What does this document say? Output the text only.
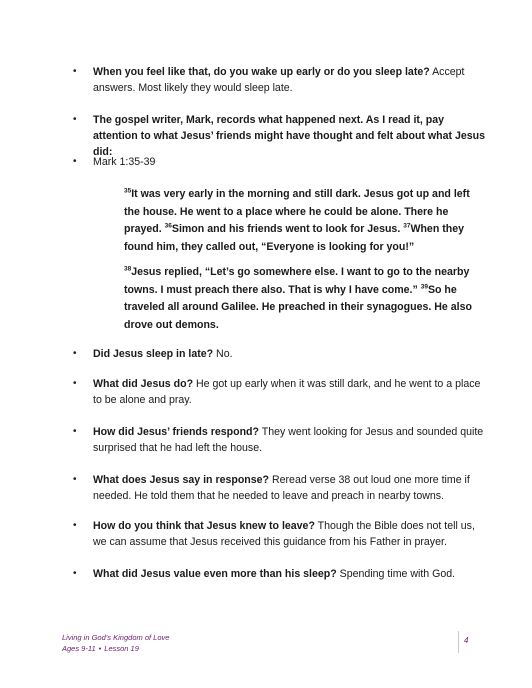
• When you feel like that, do you wake up early or do you sleep late? Accept answers. Most likely they would sleep late.
• The gospel writer, Mark, records what happened next. As I read it, pay attention to what Jesus’ friends might have thought and felt about what Jesus did:
• Mark 1:35-39
$^{35}$It was very early in the morning and still dark. Jesus got up and left the house. He went to a place where he could be alone. There he prayed. $^{36}$Simon and his friends went to look for Jesus. $^{37}$When they found him, they called out, “Everyone is looking for you!”
$^{38}$Jesus replied, “Let’s go somewhere else. I want to go to the nearby towns. I must preach there also. That is why I have come.” $^{39}$So he traveled all around Galilee. He preached in their synagogues. He also drove out demons.
• Did Jesus sleep in late? No.
• What did Jesus do? He got up early when it was still dark, and he went to a place to be alone and pray.
• How did Jesus’ friends respond? They went looking for Jesus and sounded quite surprised that he had left the house.
• What does Jesus say in response? Reread verse 38 out loud one more time if needed. He told them that he needed to leave and preach in nearby towns.
• How do you think that Jesus knew to leave? Though the Bible does not tell us, we can assume that Jesus received this guidance from his Father in prayer.
• What did Jesus value even more than his sleep? Spending time with God.
Living in God’s Kingdom of Love
Ages 9-11 • Lesson 19
4
